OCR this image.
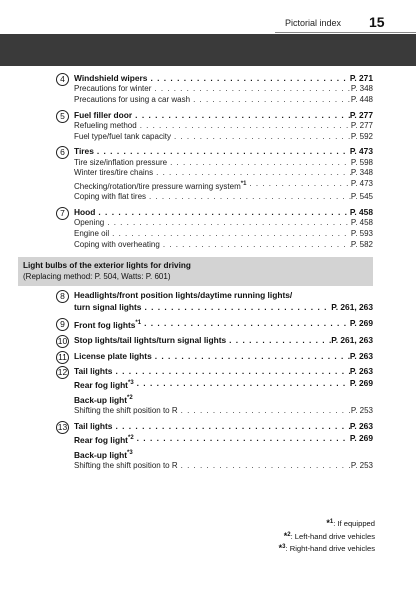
Pictorial index 15
4	Windshield wipers . . .	P. 271
Precautions for winter . . .	P. 348
Precautions for using a car wash . . .	P. 448
5	Fuel filler door . . .	P. 277
Refueling method . . .	P. 277
Fuel type/fuel tank capacity . . .	P. 592
6	Tires . . .	P. 473
Tire size/inflation pressure . . .	P. 598
Winter tires/tire chains . . .	P. 348
Checking/rotation/tire pressure warning system$^{*1}$ . . .	P. 473
Coping with flat tires . . .	P. 545
7	Hood . . .	P. 458
Opening . . .	P. 458
Engine oil . . .	P. 593
Coping with overheating . . .	P. 582
Light bulbs of the exterior lights for driving
(Replacing method: P. 504, Watts: P. 601)
8	Headlights/front position lights/daytime running lights/
turn signal lights . . .	P. 261, 263
9	Front fog lights$^{*1}$ . . .	P. 269
10 Stop lights/tail lights/turn signal lights . . .	P. 261, 263
11 License plate lights . . .	P. 263
12 Tail lights . . .	P. 263
Rear fog light$^{*3}$ . . .	P. 269
Back-up light$^{*2}$
Shifting the shift position to R . . .	P. 253
13 Tail lights . . .	P. 263
Rear fog light$^{*2}$ . . .	P. 269
Back-up light$^{*3}$
Shifting the shift position to R . . .	P. 253
*$^1$: If equipped
*$^2$: Left-hand drive vehicles
*$^3$: Right-hand drive vehicles
